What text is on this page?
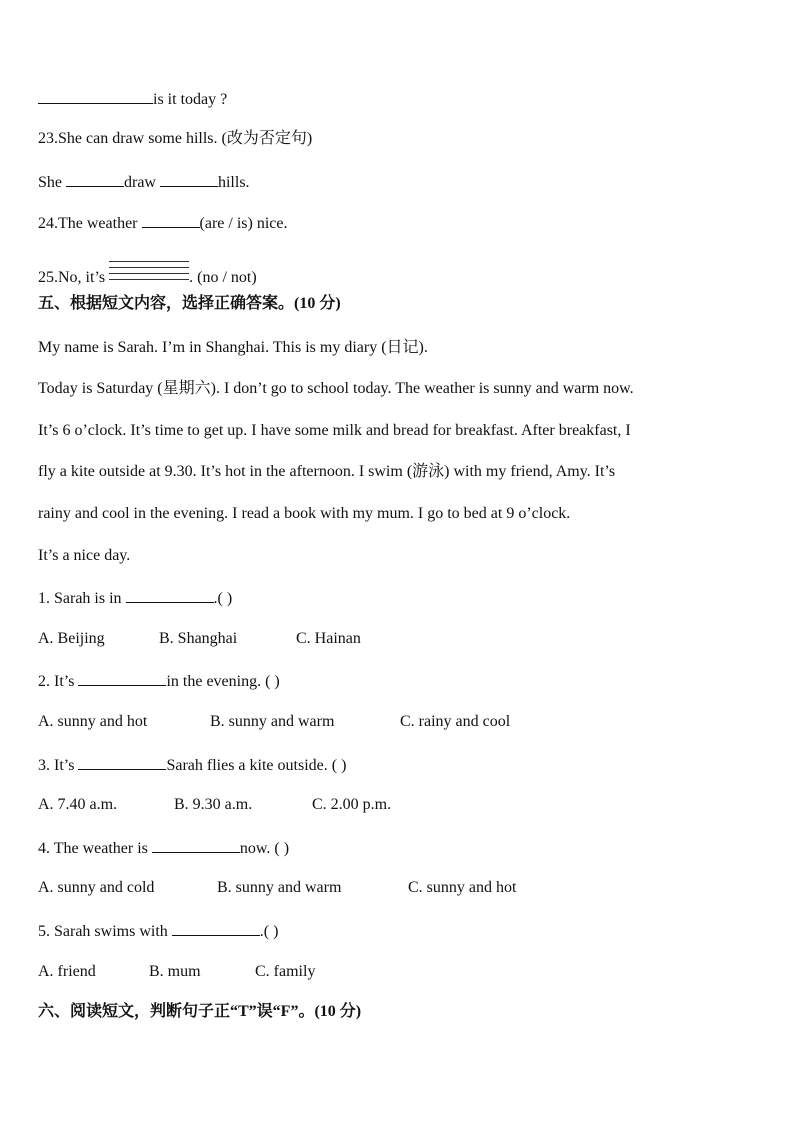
is it today ?
23.She can draw some hills. (改为否定句)
She	draw	hills.
24.The weather	(are / is) nice.
25.No, it’s	. (no / not)
五、根据短文内容，选择正确答案。(10 分)
My name is Sarah. I’m in Shanghai. This is my diary (日记).
Today is Saturday (星期六). I don’t go to school today. The weather is sunny and warm now.
It’s 6 o’clock. It’s time to get up. I have some milk and bread for breakfast. After breakfast, I
fly a kite outside at 9.30. It’s hot in the afternoon. I swim (游泳) with my friend, Amy. It’s
rainy and cool in the evening. I read a book with my mum. I go to bed at 9 o’clock.
It’s a nice day.
1. Sarah is in	.( )
A. Beijing	B. Shanghai	C. Hainan
2. It’s	in the evening. ( )
A. sunny and hot	B. sunny and warm	C. rainy and cool
3. It’s	Sarah flies a kite outside. ( )
A. 7.40 a.m.	B. 9.30 a.m.	C. 2.00 p.m.
4. The weather is	now. ( )
A. sunny and cold	B. sunny and warm	C. sunny and hot
5. Sarah swims with	.( )
A. friend	B. mum	C. family
六、阅读短文，判断句子正“T”误“F”。(10 分)
